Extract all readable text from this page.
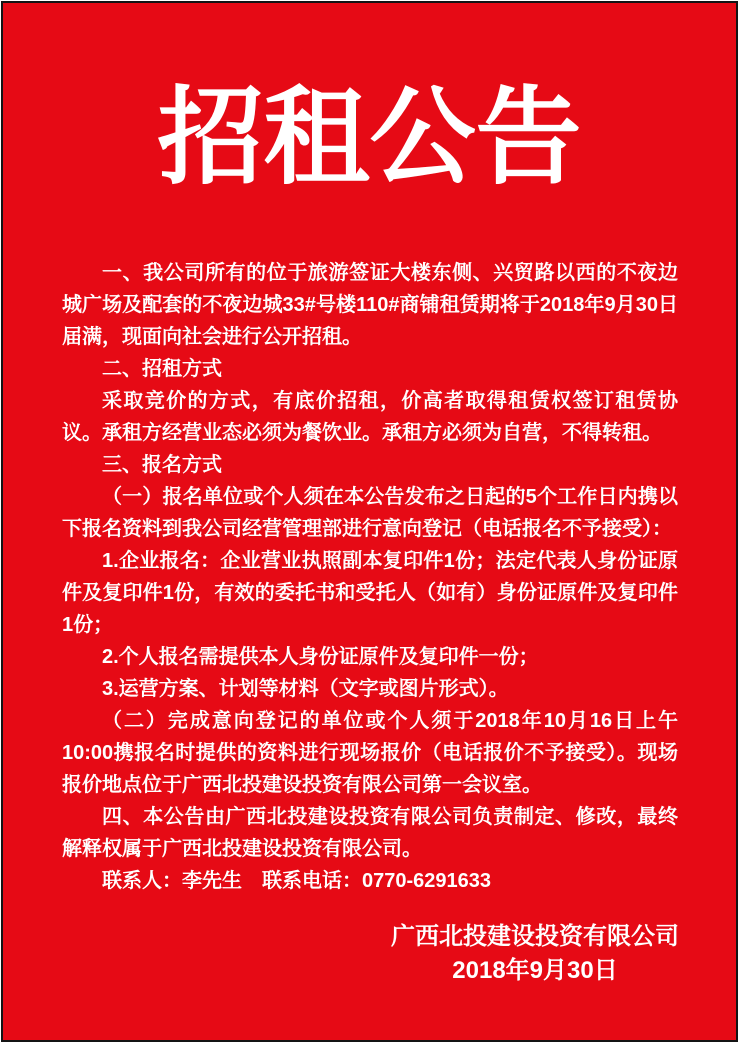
招租公告

一、我公司所有的位于旅游签证大楼东侧、兴贸路以西的不夜边城广场及配套的不夜边城33#号楼110#商铺租赁期将于2018年9月30日届满，现面向社会进行公开招租。

二、招租方式

采取竞价的方式，有底价招租，价高者取得租赁权签订租赁协议。承租方经营业态必须为餐饮业。承租方必须为自营，不得转租。

三、报名方式

（一）报名单位或个人须在本公告发布之日起的5个工作日内携以下报名资料到我公司经营管理部进行意向登记（电话报名不予接受）：

1.企业报名：企业营业执照副本复印件1份；法定代表人身份证原件及复印件1份，有效的委托书和受托人（如有）身份证原件及复印件1份；

2.个人报名需提供本人身份证原件及复印件一份；

3.运营方案、计划等材料（文字或图片形式）。

（二）完成意向登记的单位或个人须于2018年10月16日上午10:00携报名时提供的资料进行现场报价（电话报价不予接受）。现场报价地点位于广西北投建设投资有限公司第一会议室。

四、本公告由广西北投建设投资有限公司负责制定、修改，最终解释权属于广西北投建设投资有限公司。

联系人：李先生　联系电话：0770-6291633

广西北投建设投资有限公司
2018年9月30日
